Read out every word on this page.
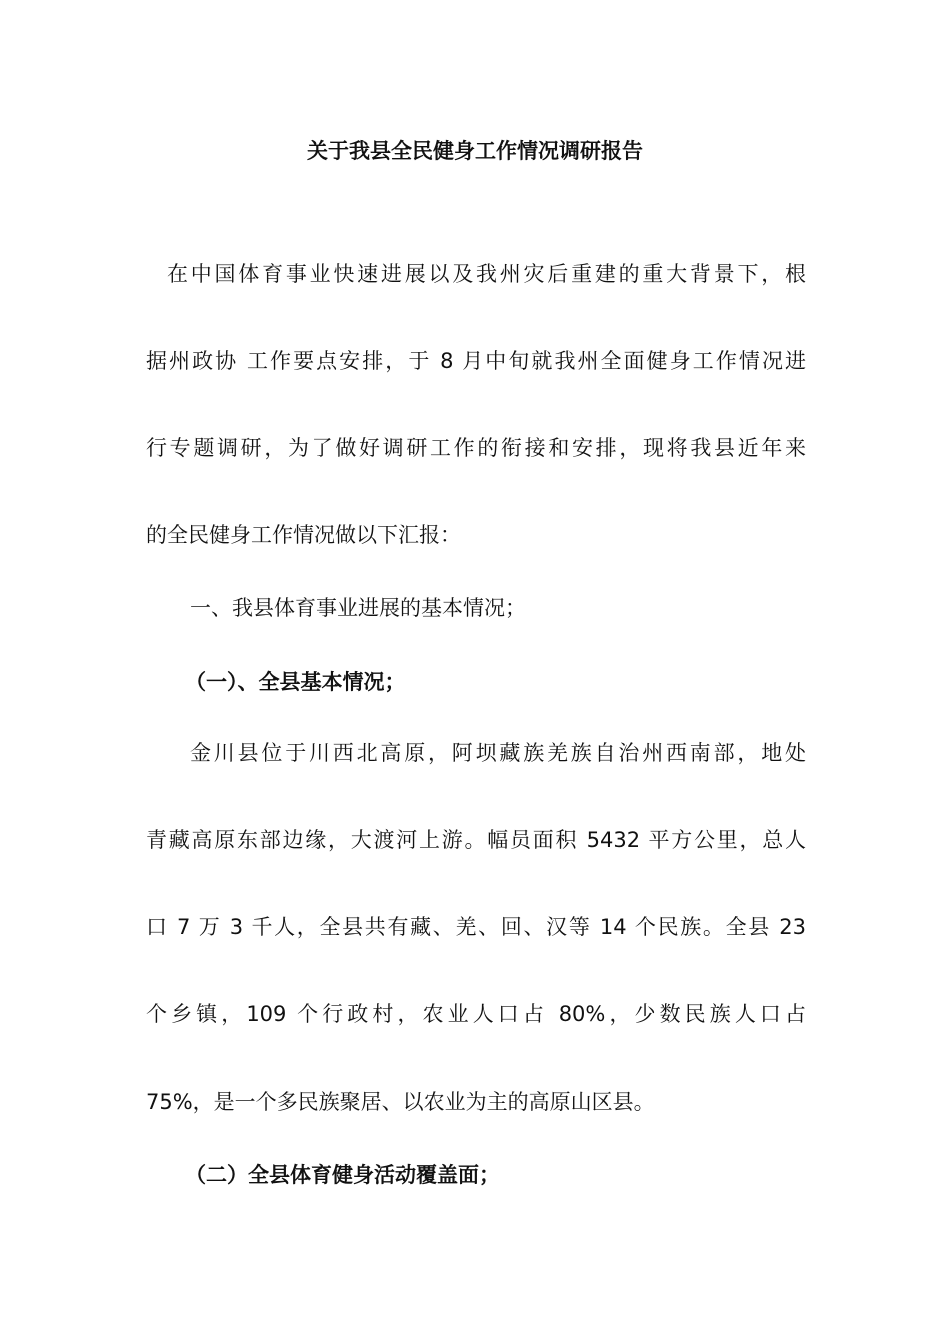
关于我县全民健身工作情况调研报告
在中国体育事业快速进展以及我州灾后重建的重大背景下，根
据州政协 工作要点安排，于 8 月中旬就我州全面健身工作情况进
行专题调研，为了做好调研工作的衔接和安排，现将我县近年来
的全民健身工作情况做以下汇报：
一、我县体育事业进展的基本情况；
（一）、全县基本情况；
金川县位于川西北高原，阿坝藏族羌族自治州西南部，地处
青藏高原东部边缘，大渡河上游。幅员面积 5432 平方公里，总人
口 7 万 3 千人，全县共有藏、羌、回、汉等 14 个民族。全县 23
个乡镇，109 个行政村，农业人口占 80%，少数民族人口占
75%，是一个多民族聚居、以农业为主的高原山区县。
（二）全县体育健身活动覆盖面；
